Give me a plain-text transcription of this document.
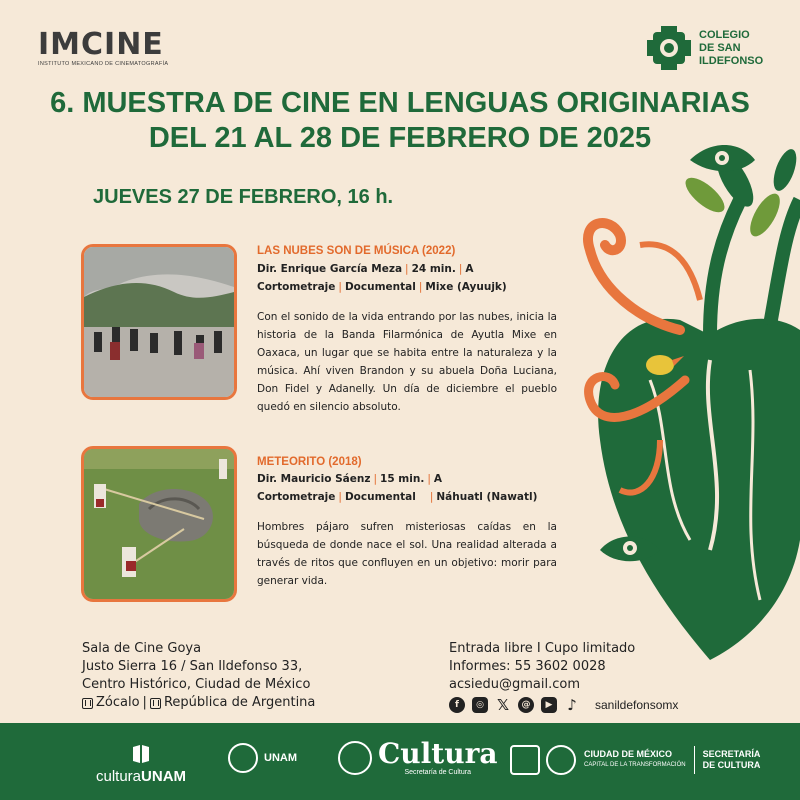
IMCINE
INSTITUTO MEXICANO DE CINEMATOGRAFÍA
COLEGIO
DE SAN
ILDEFONSO
6. MUESTRA DE CINE EN LENGUAS ORIGINARIAS
DEL 21 AL 28 DE FEBRERO DE 2025
JUEVES 27 DE FEBRERO, 16 h.
LAS NUBES SON DE MÚSICA (2022)
Dir. Enrique García Meza | 24 min. | A
Cortometraje | Documental | Mixe (Ayuujk)
Con el sonido de la vida entrando por las nubes, inicia la historia de la Banda Filarmónica de Ayutla Mixe en Oaxaca, un lugar que se habita entre la naturaleza y la música. Ahí viven Brandon y su abuela Doña Luciana, Don Fidel y Adanelly. Un día de diciembre el pueblo quedó en silencio absoluto.
METEORITO (2018)
Dir. Mauricio Sáenz | 15 min. | A
Cortometraje | Documental | Náhuatl (Nawatl)
Hombres pájaro sufren misteriosas caídas en la búsqueda de donde nace el sol. Una realidad alterada a través de ritos que confluyen en un objetivo: morir para generar vida.
Sala de Cine Goya
Justo Sierra 16 / San Ildefonso 33,
Centro Histórico, Ciudad de México
Zócalo | República de Argentina
Entrada libre I Cupo limitado
Informes: 55 3602 0028
acsiedu@gmail.com
f	◎ 𝕏	@	▶ ♪ sanildefonsomx
culturaUNAM
UNAM	Cultura
Secretaría de Cultura
CIUDAD DE MÉXICO
CAPITAL DE LA TRANSFORMACIÓN
SECRETARÍA
DE CULTURA
